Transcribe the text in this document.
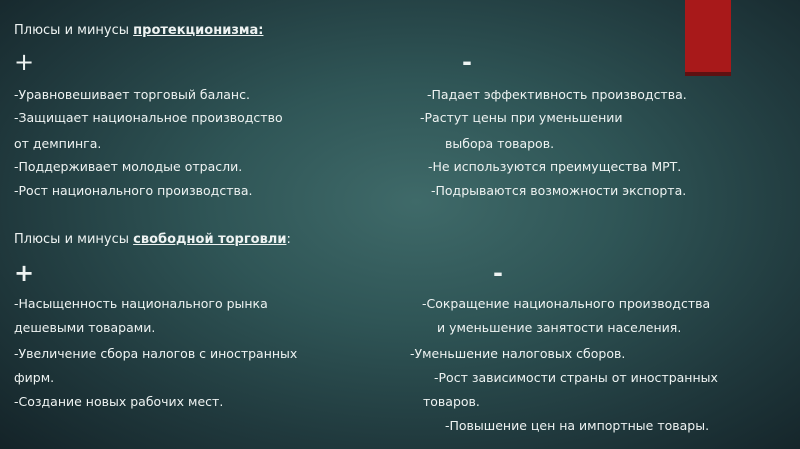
Плюсы и минусы протекционизма:
+	-
-Уравновешивает торговый баланс.
-Защищает национальное производство
от демпинга.
-Поддерживает молодые отрасли.
-Рост национального производства.
-Падает эффективность производства.
-Растут цены при уменьшении
выбора товаров.
-Не используются преимущества МРТ.
-Подрываются возможности экспорта.
Плюсы и минусы свободной торговли:
+	-
-Насыщенность национального рынка
дешевыми товарами.
-Увеличение сбора налогов с иностранных
фирм.
-Создание новых рабочих мест.
-Сокращение национального производства
и уменьшение занятости населения.
-Уменьшение налоговых сборов.
-Рост зависимости страны от иностранных
товаров.
-Повышение цен на импортные товары.
